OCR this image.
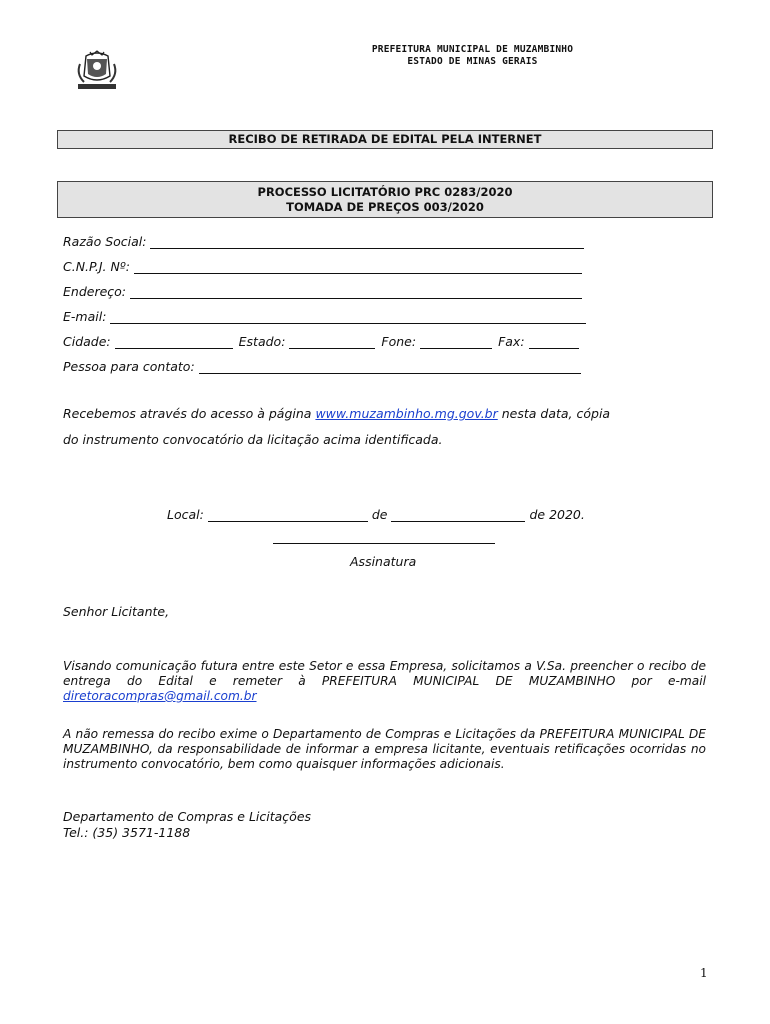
PREFEITURA MUNICIPAL DE MUZAMBINHO
ESTADO DE MINAS GERAIS
RECIBO DE RETIRADA DE EDITAL PELA INTERNET
PROCESSO LICITATÓRIO PRC 0283/2020
TOMADA DE PREÇOS 003/2020
Razão Social:
C.N.P.J. Nº:
Endereço:
E-mail:
Cidade:	Estado:	Fone:	Fax:
Pessoa para contato:

Recebemos através do acesso à página www.muzambinho.mg.gov.br nesta data, cópia

do instrumento convocatório da licitação acima identificada.

Local:	de	de 2020.

Assinatura

Senhor Licitante,

Visando comunicação futura entre este Setor e essa Empresa, solicitamos a V.Sa. preencher o recibo de entrega do Edital e remeter à PREFEITURA MUNICIPAL DE MUZAMBINHO por e-mail diretoracompras@gmail.com.br

A não remessa do recibo exime o Departamento de Compras e Licitações da PREFEITURA MUNICIPAL DE MUZAMBINHO, da responsabilidade de informar a empresa licitante, eventuais retificações ocorridas no instrumento convocatório, bem como quaisquer informações adicionais.

Departamento de Compras e Licitações

Tel.: (35) 3571-1188

1
